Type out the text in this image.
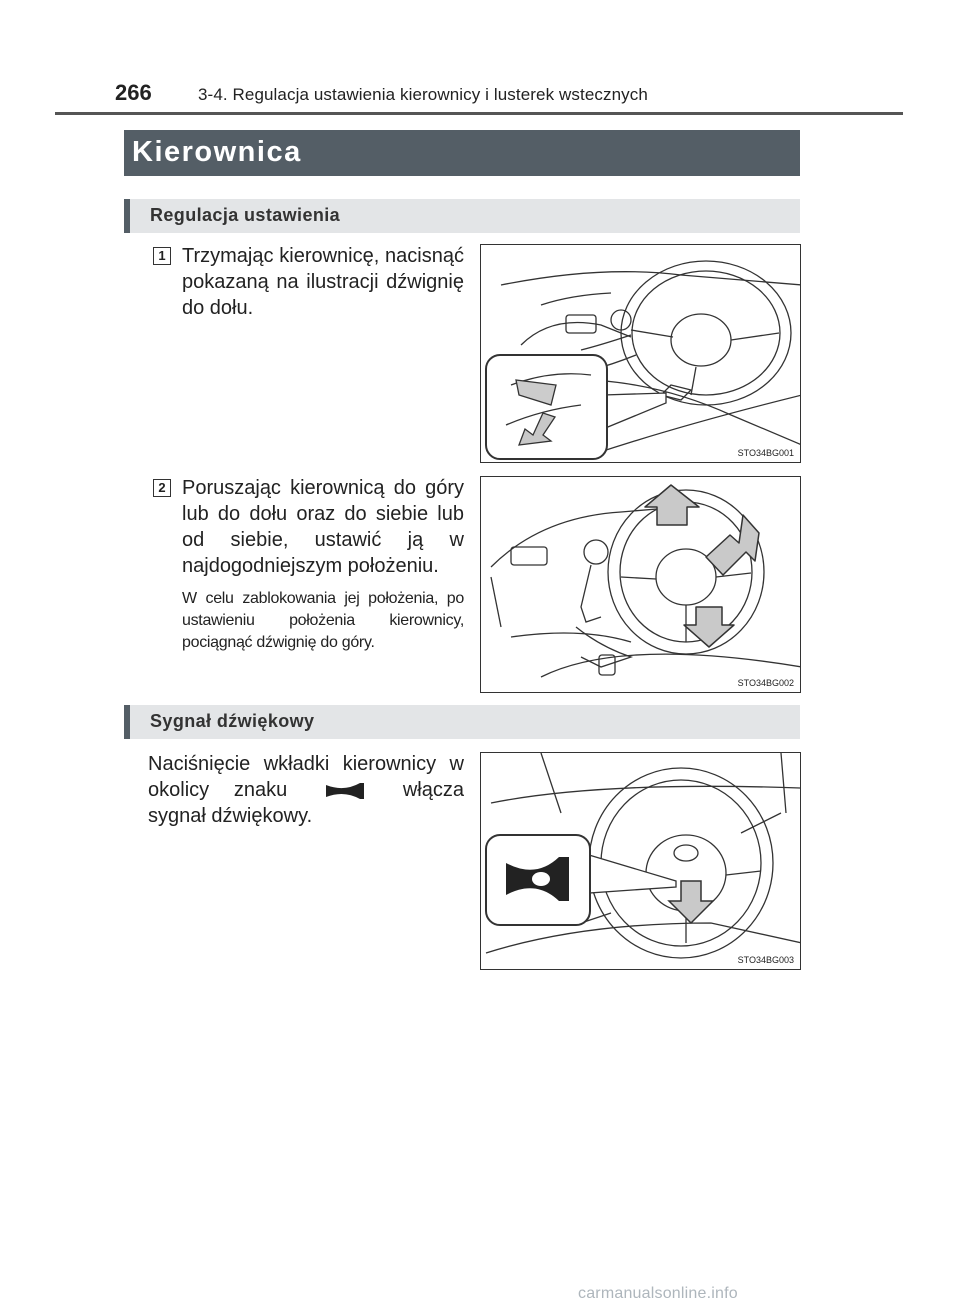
266	3-4. Regulacja ustawienia kierownicy i lusterek wstecznych
Kierownica
Regulacja ustawienia
1 Trzymając kierownicę, nacisnąć pokazaną na ilustracji dźwignię do dołu.
STO34BG001
2 Poruszając kierownicą do góry lub do dołu oraz do siebie lub od siebie, ustawić ją w najdogodniejszym położeniu.
W celu zablokowania jej położenia, po ustawieniu położenia kierownicy, pociągnąć dźwignię do góry.
STO34BG002
Sygnał dźwiękowy
Naciśnięcie wkładki kierownicy w okolicy znaku	włącza sygnał dźwiękowy.
STO34BG003
carmanualsonline.info
